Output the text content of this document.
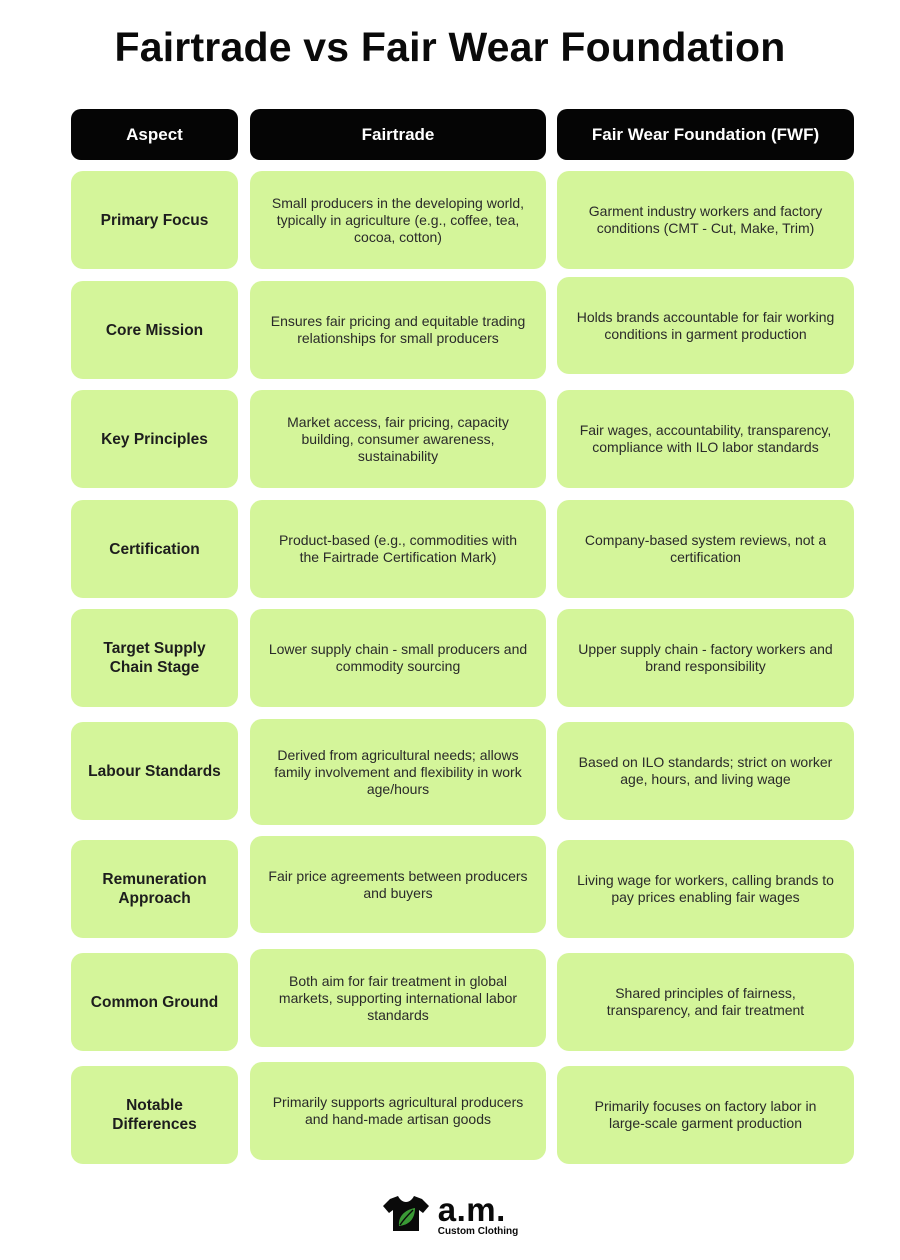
Fairtrade vs Fair Wear Foundation
Aspect	Fairtrade	Fair Wear Foundation (FWF)
Primary Focus
Small producers in the developing world, typically in agriculture (e.g., coffee, tea, cocoa, cotton)
Garment industry workers and factory conditions (CMT - Cut, Make, Trim)
Core Mission
Ensures fair pricing and equitable trading relationships for small producers
Holds brands accountable for fair working conditions in garment production
Key Principles
Market access, fair pricing, capacity building, consumer awareness, sustainability
Fair wages, accountability, transparency, compliance with ILO labor standards
Certification
Product-based (e.g., commodities with the Fairtrade Certification Mark)
Company-based system reviews, not a certification
Target Supply Chain Stage
Lower supply chain - small producers and commodity sourcing
Upper supply chain - factory workers and brand responsibility
Labour Standards
Derived from agricultural needs; allows family involvement and flexibility in work age/hours
Based on ILO standards; strict on worker age, hours, and living wage
Remuneration Approach
Fair price agreements between producers and buyers
Living wage for workers, calling brands to pay prices enabling fair wages
Common Ground
Both aim for fair treatment in global markets, supporting international labor standards
Shared principles of fairness, transparency, and fair treatment
Notable Differences
Primarily supports agricultural producers and hand-made artisan goods
Primarily focuses on factory labor in large-scale garment production
a.m.
Custom Clothing
